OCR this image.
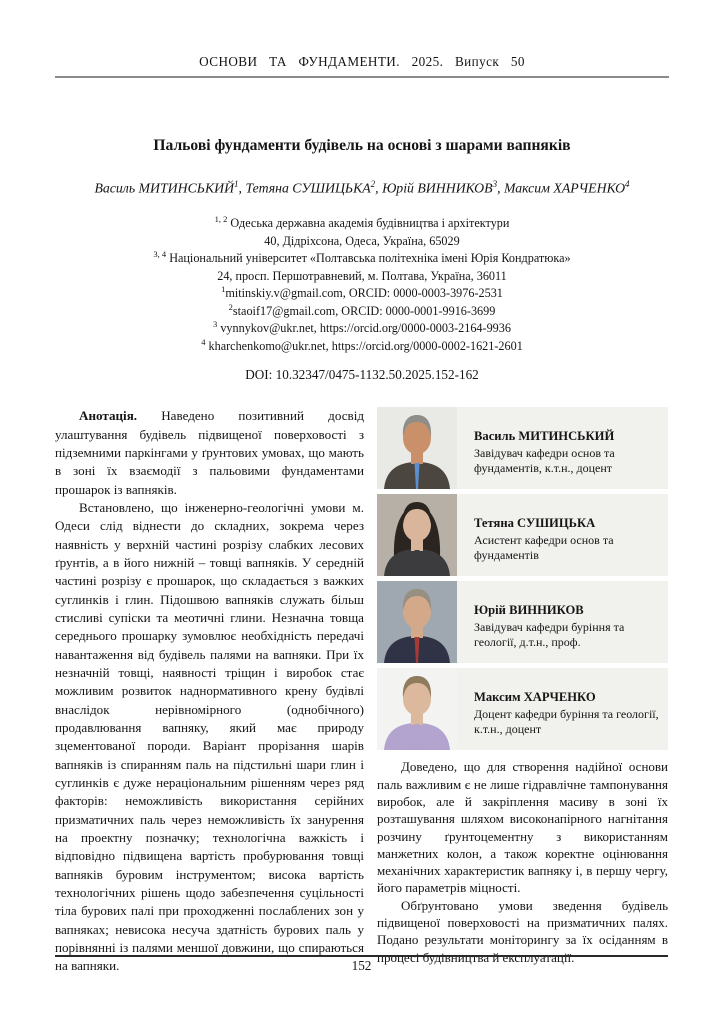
ОСНОВИ ТА ФУНДАМЕНТИ. 2025. Випуск 50
Пальові фундаменти будівель на основі з шарами вапняків
Василь МИТИНСЬКИЙ$^1$, Тетяна СУШИЦЬКА$^2$, Юрій ВИННИКОВ$^3$, Максим ХАРЧЕНКО$^4$
$^{1, 2}$ Одеська державна академія будівництва і архітектури
40, Дідріхсона, Одеса, Україна, 65029
$^{3, 4}$ Національний університет «Полтавська політехніка імені Юрія Кондратюка»
24, просп. Першотравневий, м. Полтава, Україна, 36011
$^1$mitinskiy.v@gmail.com, ORCID: 0000-0003-3976-2531
$^2$staoif17@gmail.com, ORCID: 0000-0001-9916-3699
$^3$ vynnykov@ukr.net, https://orcid.org/0000-0003-2164-9936
$^4$ kharchenkomo@ukr.net, https://orcid.org/0000-0002-1621-2601
DOI: 10.32347/0475-1132.50.2025.152-162

Анотація. Наведено позитивний досвід улаштування будівель підвищеної поверховості з підземними паркінгами у ґрунтових умовах, що мають в зоні їх взаємодії з пальовими фундаментами прошарок із вапняків.

Встановлено, що інженерно-геологічні умови м. Одеси слід віднести до складних, зокрема через наявність у верхній частині розрізу слабких лесових ґрунтів, а в його нижній – товщі вапняків. У середній частині розрізу є прошарок, що складається з важких суглинків і глин. Підошвою вапняків служать більш стисливі супіски та меотичні глини. Незначна товща середнього прошарку зумовлює необхідність передачі навантаження від будівель палями на вапняки. При їх незначній товщі, наявності тріщин і виробок стає можливим розвиток наднормативного крену будівлі внаслідок нерівномірного (однобічного) продавлювання вапняку, який має природу зцементованої породи. Варіант прорізання шарів вапняків із спиранням паль на підстильні шари глин і суглинків є дуже нераціональним рішенням через ряд факторів: неможливість використання серійних призматичних паль через неможливість їх занурення на проектну позначку; технологічна важкість і відповідно підвищена вартість пробурювання товщі вапняків буровим інструментом; висока вартість технологічних рішень щодо забезпечення суцільності тіла бурових палі при проходженні послаблених зон у вапняках; невисока несуча здатність бурових паль у порівнянні із палями меншої довжини, що спираються на вапняки.

Василь МИТИНСЬКИЙ
Завідувач кафедри основ та фундаментів, к.т.н., доцент
Тетяна СУШИЦЬКА
Асистент кафедри основ та фундаментів
Юрій ВИННИКОВ
Завідувач кафедри буріння та геології, д.т.н., проф.
Максим ХАРЧЕНКО
Доцент кафедри буріння та геології, к.т.н., доцент

Доведено, що для створення надійної основи паль важливим є не лише гідравлічне тампонування виробок, але й закріплення масиву в зоні їх розташування шляхом високонапірного нагнітання розчину ґрунтоцементну з використанням манжетних колон, а також коректне оцінювання механічних характеристик вапняку і, в першу чергу, його параметрів міцності.

Обґрунтовано умови зведення будівель підвищеної поверховості на призматичних палях. Подано результати моніторингу за їх осіданням в процесі будівництва й експлуатації.

152
